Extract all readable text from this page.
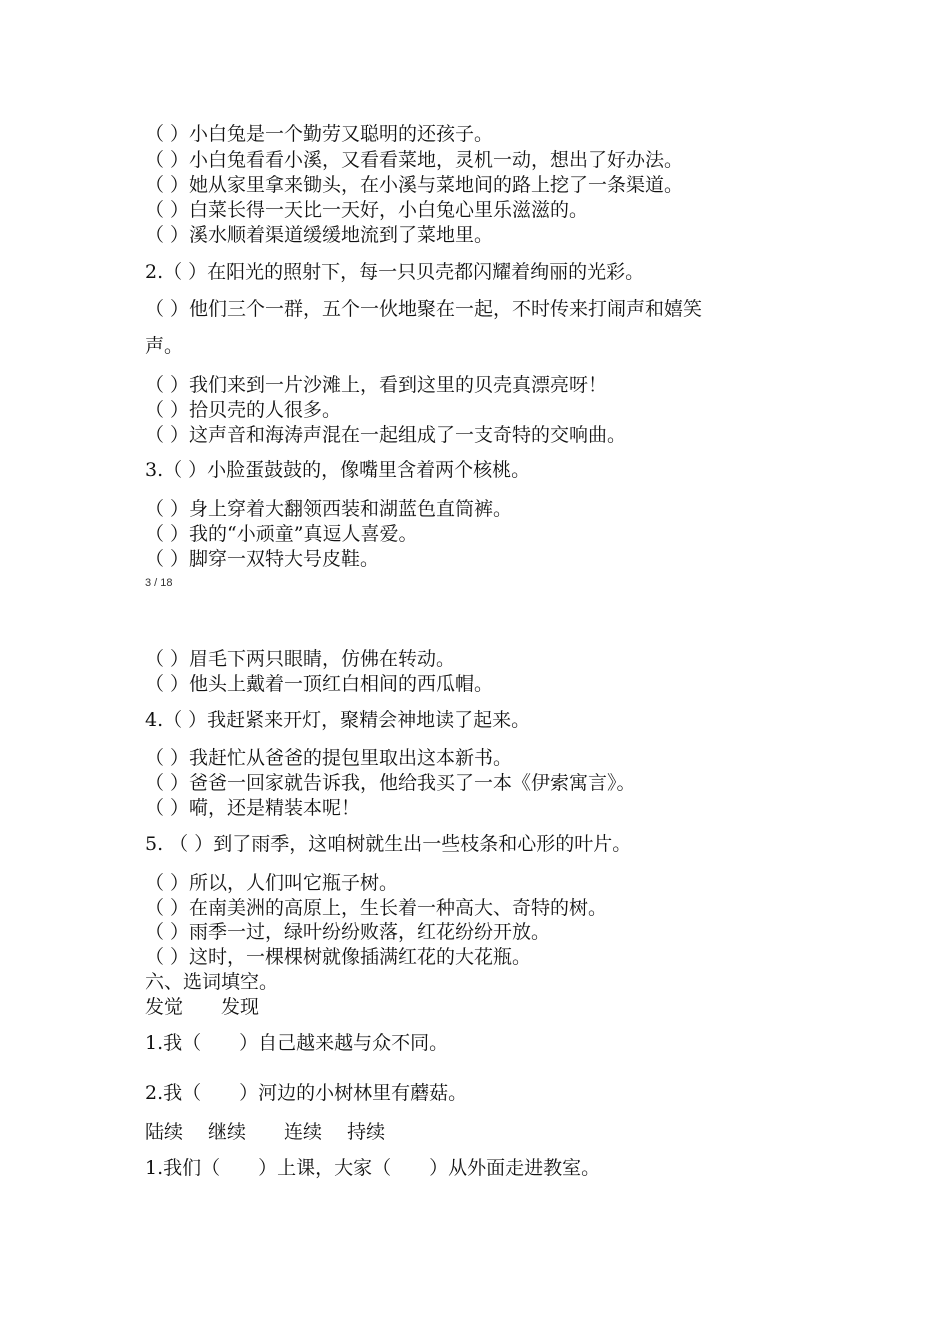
（ ）小白兔是一个勤劳又聪明的还孩子。
（ ）小白兔看看小溪，又看看菜地，灵机一动，想出了好办法。
（ ）她从家里拿来锄头，在小溪与菜地间的路上挖了一条渠道。
（ ）白菜长得一天比一天好，小白兔心里乐滋滋的。
（ ）溪水顺着渠道缓缓地流到了菜地里。
2.（ ）在阳光的照射下，每一只贝壳都闪耀着绚丽的光彩。
（ ）他们三个一群，五个一伙地聚在一起，不时传来打闹声和嬉笑
声。
（ ）我们来到一片沙滩上，看到这里的贝壳真漂亮呀！
（ ）拾贝壳的人很多。
（ ）这声音和海涛声混在一起组成了一支奇特的交响曲。
3.（ ）小脸蛋鼓鼓的，像嘴里含着两个核桃。
（ ）身上穿着大翻领西装和湖蓝色直筒裤。
（ ）我的“小顽童”真逗人喜爱。
（ ）脚穿一双特大号皮鞋。
3 / 18
（ ）眉毛下两只眼睛，仿佛在转动。
（ ）他头上戴着一顶红白相间的西瓜帽。
4.（ ）我赶紧来开灯，聚精会神地读了起来。
（ ）我赶忙从爸爸的提包里取出这本新书。
（ ）爸爸一回家就告诉我，他给我买了一本《伊索寓言》。
（ ）嗬，还是精装本呢！
5. （ ）到了雨季，这咱树就生出一些枝条和心形的叶片。
（ ）所以，人们叫它瓶子树。
（ ）在南美洲的高原上，生长着一种高大、奇特的树。
（ ）雨季一过，绿叶纷纷败落，红花纷纷开放。
（ ）这时，一棵棵树就像插满红花的大花瓶。
六、选词填空。
发觉　　发现
1.我（　　）自己越来越与众不同。
2.我（　　）河边的小树林里有蘑菇。
陆续　 继续　　连续　 持续
1.我们（　　）上课，大家（　　）从外面走进教室。
